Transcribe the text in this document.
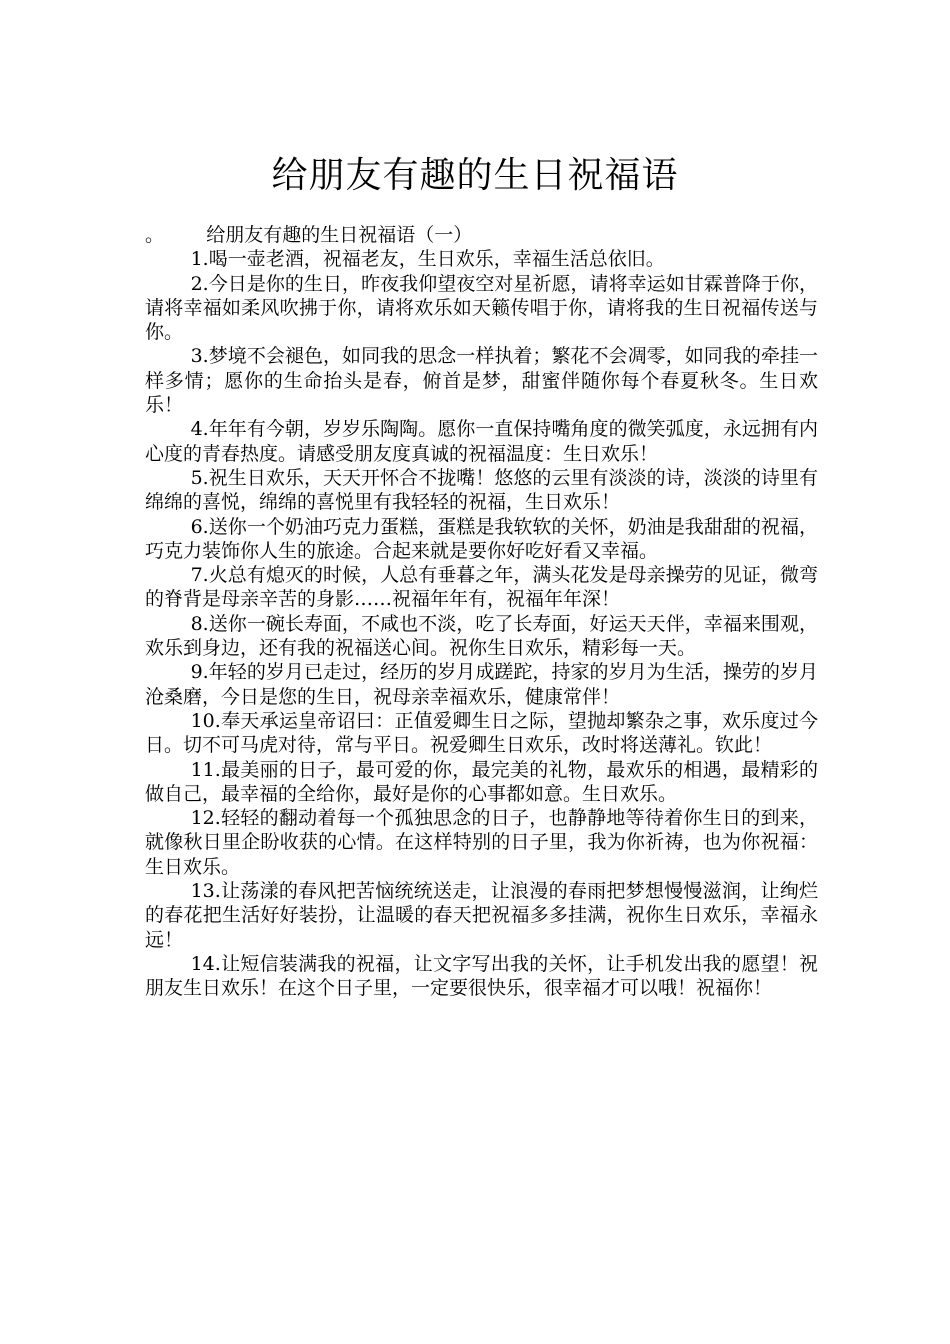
给朋友有趣的生日祝福语

。 给朋友有趣的生日祝福语（一）

1.喝一壶老酒，祝福老友，生日欢乐，幸福生活总依旧。

2.今日是你的生日，昨夜我仰望夜空对星祈愿，请将幸运如甘霖普降于你，请将幸福如柔风吹拂于你，请将欢乐如天籁传唱于你，请将我的生日祝福传送与你。

3.梦境不会褪色，如同我的思念一样执着；繁花不会凋零，如同我的牵挂一样多情；愿你的生命抬头是春，俯首是梦，甜蜜伴随你每个春夏秋冬。生日欢乐！

4.年年有今朝，岁岁乐陶陶。愿你一直保持嘴角度的微笑弧度，永远拥有内心度的青春热度。请感受朋友度真诚的祝福温度：生日欢乐！

5.祝生日欢乐，天天开怀合不拢嘴！悠悠的云里有淡淡的诗，淡淡的诗里有绵绵的喜悦，绵绵的喜悦里有我轻轻的祝福，生日欢乐！

6.送你一个奶油巧克力蛋糕，蛋糕是我软软的关怀，奶油是我甜甜的祝福，巧克力装饰你人生的旅途。合起来就是要你好吃好看又幸福。

7.火总有熄灭的时候，人总有垂暮之年，满头花发是母亲操劳的见证，微弯的脊背是母亲辛苦的身影……祝福年年有，祝福年年深！

8.送你一碗长寿面，不咸也不淡，吃了长寿面，好运天天伴，幸福来围观，欢乐到身边，还有我的祝福送心间。祝你生日欢乐，精彩每一天。

9.年轻的岁月已走过，经历的岁月成蹉跎，持家的岁月为生活，操劳的岁月沧桑磨，今日是您的生日，祝母亲幸福欢乐，健康常伴！

10.奉天承运皇帝诏曰：正值爱卿生日之际，望抛却繁杂之事，欢乐度过今日。切不可马虎对待，常与平日。祝爱卿生日欢乐，改时将送薄礼。钦此！

11.最美丽的日子，最可爱的你，最完美的礼物，最欢乐的相遇，最精彩的做自己，最幸福的全给你，最好是你的心事都如意。生日欢乐。

12.轻轻的翻动着每一个孤独思念的日子，也静静地等待着你生日的到来，就像秋日里企盼收获的心情。在这样特别的日子里，我为你祈祷，也为你祝福：生日欢乐。

13.让荡漾的春风把苦恼统统送走，让浪漫的春雨把梦想慢慢滋润，让绚烂的春花把生活好好装扮，让温暖的春天把祝福多多挂满，祝你生日欢乐，幸福永远！

14.让短信装满我的祝福，让文字写出我的关怀，让手机发出我的愿望！祝朋友生日欢乐！在这个日子里，一定要很快乐，很幸福才可以哦！祝福你！
